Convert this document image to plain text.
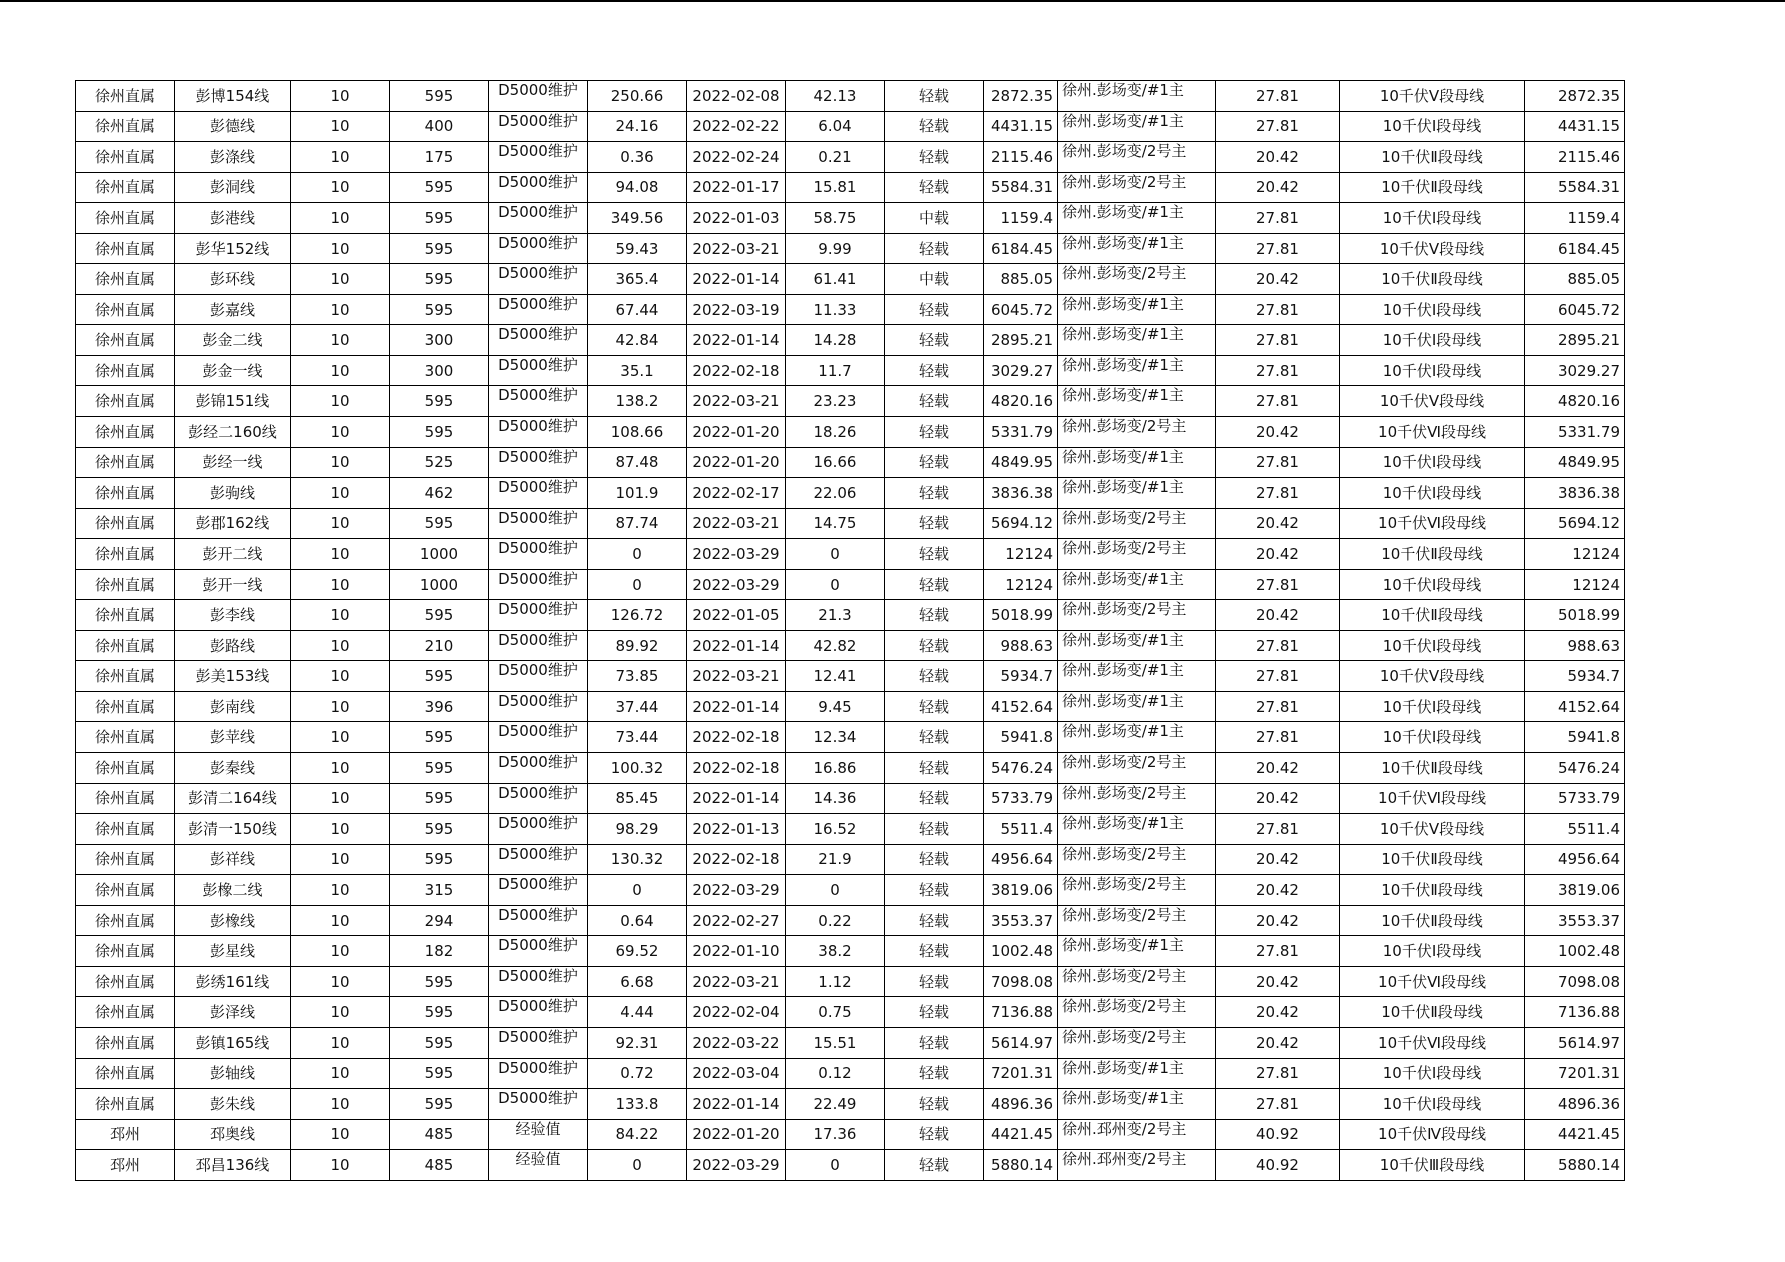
徐州直属	彭博154线	10	595	D5000维护	250.66	2022-02-08	42.13	轻载	2872.35	徐州.彭场变/#1主	27.81	10千伏Ⅴ段母线	2872.35
徐州直属	彭德线	10	400	D5000维护	24.16	2022-02-22	6.04	轻载	4431.15	徐州.彭场变/#1主	27.81	10千伏Ⅰ段母线	4431.15
徐州直属	彭涤线	10	175	D5000维护	0.36	2022-02-24	0.21	轻载	2115.46	徐州.彭场变/2号主	20.42	10千伏Ⅱ段母线	2115.46
徐州直属	彭洞线	10	595	D5000维护	94.08	2022-01-17	15.81	轻载	5584.31	徐州.彭场变/2号主	20.42	10千伏Ⅱ段母线	5584.31
徐州直属	彭港线	10	595	D5000维护	349.56	2022-01-03	58.75	中载	1159.4	徐州.彭场变/#1主	27.81	10千伏Ⅰ段母线	1159.4
徐州直属	彭华152线	10	595	D5000维护	59.43	2022-03-21	9.99	轻载	6184.45	徐州.彭场变/#1主	27.81	10千伏Ⅴ段母线	6184.45
徐州直属	彭环线	10	595	D5000维护	365.4	2022-01-14	61.41	中载	885.05	徐州.彭场变/2号主	20.42	10千伏Ⅱ段母线	885.05
徐州直属	彭嘉线	10	595	D5000维护	67.44	2022-03-19	11.33	轻载	6045.72	徐州.彭场变/#1主	27.81	10千伏Ⅰ段母线	6045.72
徐州直属	彭金二线	10	300	D5000维护	42.84	2022-01-14	14.28	轻载	2895.21	徐州.彭场变/#1主	27.81	10千伏Ⅰ段母线	2895.21
徐州直属	彭金一线	10	300	D5000维护	35.1	2022-02-18	11.7	轻载	3029.27	徐州.彭场变/#1主	27.81	10千伏Ⅰ段母线	3029.27
徐州直属	彭锦151线	10	595	D5000维护	138.2	2022-03-21	23.23	轻载	4820.16	徐州.彭场变/#1主	27.81	10千伏Ⅴ段母线	4820.16
徐州直属	彭经二160线	10	595	D5000维护	108.66	2022-01-20	18.26	轻载	5331.79	徐州.彭场变/2号主	20.42	10千伏Ⅵ段母线	5331.79
徐州直属	彭经一线	10	525	D5000维护	87.48	2022-01-20	16.66	轻载	4849.95	徐州.彭场变/#1主	27.81	10千伏Ⅰ段母线	4849.95
徐州直属	彭驹线	10	462	D5000维护	101.9	2022-02-17	22.06	轻载	3836.38	徐州.彭场变/#1主	27.81	10千伏Ⅰ段母线	3836.38
徐州直属	彭郡162线	10	595	D5000维护	87.74	2022-03-21	14.75	轻载	5694.12	徐州.彭场变/2号主	20.42	10千伏Ⅵ段母线	5694.12
徐州直属	彭开二线	10	1000	D5000维护	0	2022-03-29	0	轻载	12124	徐州.彭场变/2号主	20.42	10千伏Ⅱ段母线	12124
徐州直属	彭开一线	10	1000	D5000维护	0	2022-03-29	0	轻载	12124	徐州.彭场变/#1主	27.81	10千伏Ⅰ段母线	12124
徐州直属	彭李线	10	595	D5000维护	126.72	2022-01-05	21.3	轻载	5018.99	徐州.彭场变/2号主	20.42	10千伏Ⅱ段母线	5018.99
徐州直属	彭路线	10	210	D5000维护	89.92	2022-01-14	42.82	轻载	988.63	徐州.彭场变/#1主	27.81	10千伏Ⅰ段母线	988.63
徐州直属	彭美153线	10	595	D5000维护	73.85	2022-03-21	12.41	轻载	5934.7	徐州.彭场变/#1主	27.81	10千伏Ⅴ段母线	5934.7
徐州直属	彭南线	10	396	D5000维护	37.44	2022-01-14	9.45	轻载	4152.64	徐州.彭场变/#1主	27.81	10千伏Ⅰ段母线	4152.64
徐州直属	彭苹线	10	595	D5000维护	73.44	2022-02-18	12.34	轻载	5941.8	徐州.彭场变/#1主	27.81	10千伏Ⅰ段母线	5941.8
徐州直属	彭秦线	10	595	D5000维护	100.32	2022-02-18	16.86	轻载	5476.24	徐州.彭场变/2号主	20.42	10千伏Ⅱ段母线	5476.24
徐州直属	彭清二164线	10	595	D5000维护	85.45	2022-01-14	14.36	轻载	5733.79	徐州.彭场变/2号主	20.42	10千伏Ⅵ段母线	5733.79
徐州直属	彭清一150线	10	595	D5000维护	98.29	2022-01-13	16.52	轻载	5511.4	徐州.彭场变/#1主	27.81	10千伏Ⅴ段母线	5511.4
徐州直属	彭祥线	10	595	D5000维护	130.32	2022-02-18	21.9	轻载	4956.64	徐州.彭场变/2号主	20.42	10千伏Ⅱ段母线	4956.64
徐州直属	彭橡二线	10	315	D5000维护	0	2022-03-29	0	轻载	3819.06	徐州.彭场变/2号主	20.42	10千伏Ⅱ段母线	3819.06
徐州直属	彭橡线	10	294	D5000维护	0.64	2022-02-27	0.22	轻载	3553.37	徐州.彭场变/2号主	20.42	10千伏Ⅱ段母线	3553.37
徐州直属	彭星线	10	182	D5000维护	69.52	2022-01-10	38.2	轻载	1002.48	徐州.彭场变/#1主	27.81	10千伏Ⅰ段母线	1002.48
徐州直属	彭绣161线	10	595	D5000维护	6.68	2022-03-21	1.12	轻载	7098.08	徐州.彭场变/2号主	20.42	10千伏Ⅵ段母线	7098.08
徐州直属	彭泽线	10	595	D5000维护	4.44	2022-02-04	0.75	轻载	7136.88	徐州.彭场变/2号主	20.42	10千伏Ⅱ段母线	7136.88
徐州直属	彭镇165线	10	595	D5000维护	92.31	2022-03-22	15.51	轻载	5614.97	徐州.彭场变/2号主	20.42	10千伏Ⅵ段母线	5614.97
徐州直属	彭轴线	10	595	D5000维护	0.72	2022-03-04	0.12	轻载	7201.31	徐州.彭场变/#1主	27.81	10千伏Ⅰ段母线	7201.31
徐州直属	彭朱线	10	595	D5000维护	133.8	2022-01-14	22.49	轻载	4896.36	徐州.彭场变/#1主	27.81	10千伏Ⅰ段母线	4896.36
邳州	邳奥线	10	485	经验值	84.22	2022-01-20	17.36	轻载	4421.45	徐州.邳州变/2号主	40.92	10千伏Ⅳ段母线	4421.45
邳州	邳昌136线	10	485	经验值	0	2022-03-29	0	轻载	5880.14	徐州.邳州变/2号主	40.92	10千伏Ⅲ段母线	5880.14
